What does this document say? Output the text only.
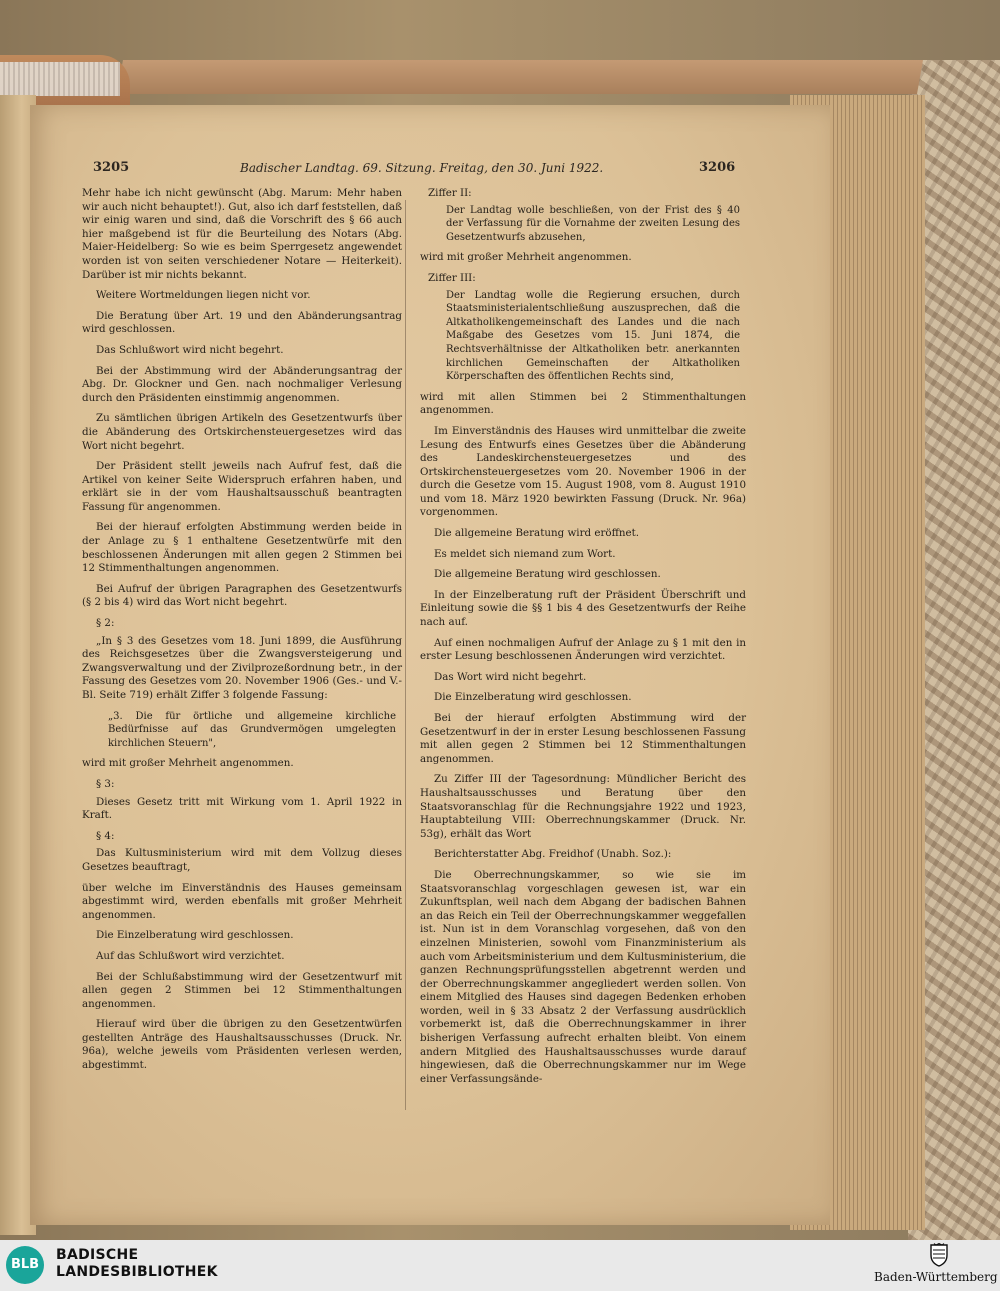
3205	Badischer Landtag. 69. Sitzung. Freitag, den 30. Juni 1922.	3206

Mehr habe ich nicht gewünscht (Abg. Marum: Mehr haben wir auch nicht behauptet!). Gut, also ich darf feststellen, daß wir einig waren und sind, daß die Vorschrift des § 66 auch hier maßgebend ist für die Beurteilung des Notars (Abg. Maier-Heidelberg: So wie es beim Sperrgesetz angewendet worden ist von seiten verschiedener Notare — Heiterkeit). Darüber ist mir nichts bekannt.

Weitere Wortmeldungen liegen nicht vor.

Die Beratung über Art. 19 und den Abänderungsantrag wird geschlossen.

Das Schlußwort wird nicht begehrt.

Bei der Abstimmung wird der Abänderungsantrag der Abg. Dr. Glockner und Gen. nach nochmaliger Verlesung durch den Präsidenten einstimmig angenommen.

Zu sämtlichen übrigen Artikeln des Gesetzentwurfs über die Abänderung des Ortskirchensteuergesetzes wird das Wort nicht begehrt.

Der Präsident stellt jeweils nach Aufruf fest, daß die Artikel von keiner Seite Widerspruch erfahren haben, und erklärt sie in der vom Haushaltsausschuß beantragten Fassung für angenommen.

Bei der hierauf erfolgten Abstimmung werden beide in der Anlage zu § 1 enthaltene Gesetzentwürfe mit den beschlossenen Änderungen mit allen gegen 2 Stimmen bei 12 Stimmenthaltungen angenommen.

Bei Aufruf der übrigen Paragraphen des Gesetzentwurfs (§ 2 bis 4) wird das Wort nicht begehrt.

§ 2:

„In § 3 des Gesetzes vom 18. Juni 1899, die Ausführung des Reichsgesetzes über die Zwangsversteigerung und Zwangsverwaltung und der Zivilprozeßordnung betr., in der Fassung des Gesetzes vom 20. November 1906 (Ges.- und V.-Bl. Seite 719) erhält Ziffer 3 folgende Fassung:

„3. Die für örtliche und allgemeine kirchliche Bedürfnisse auf das Grundvermögen umgelegten kirchlichen Steuern",

wird mit großer Mehrheit angenommen.

§ 3:

Dieses Gesetz tritt mit Wirkung vom 1. April 1922 in Kraft.

§ 4:

Das Kultusministerium wird mit dem Vollzug dieses Gesetzes beauftragt,

über welche im Einverständnis des Hauses gemeinsam abgestimmt wird, werden ebenfalls mit großer Mehrheit angenommen.

Die Einzelberatung wird geschlossen.

Auf das Schlußwort wird verzichtet.

Bei der Schlußabstimmung wird der Gesetzentwurf mit allen gegen 2 Stimmen bei 12 Stimmenthaltungen angenommen.

Hierauf wird über die übrigen zu den Gesetzentwürfen gestellten Anträge des Haushaltsausschusses (Druck. Nr. 96a), welche jeweils vom Präsidenten verlesen werden, abgestimmt.

Ziffer II:

Der Landtag wolle beschließen, von der Frist des § 40 der Verfassung für die Vornahme der zweiten Lesung des Gesetzentwurfs abzusehen,

wird mit großer Mehrheit angenommen.

Ziffer III:

Der Landtag wolle die Regierung ersuchen, durch Staatsministerialentschließung auszusprechen, daß die Altkatholikengemeinschaft des Landes und die nach Maßgabe des Gesetzes vom 15. Juni 1874, die Rechtsverhältnisse der Altkatholiken betr. anerkannten kirchlichen Gemeinschaften der Altkatholiken Körperschaften des öffentlichen Rechts sind,

wird mit allen Stimmen bei 2 Stimmenthaltungen angenommen.

Im Einverständnis des Hauses wird unmittelbar die zweite Lesung des Entwurfs eines Gesetzes über die Abänderung des Landeskirchensteuergesetzes und des Ortskirchensteuergesetzes vom 20. November 1906 in der durch die Gesetze vom 15. August 1908, vom 8. August 1910 und vom 18. März 1920 bewirkten Fassung (Druck. Nr. 96a) vorgenommen.

Die allgemeine Beratung wird eröffnet.

Es meldet sich niemand zum Wort.

Die allgemeine Beratung wird geschlossen.

In der Einzelberatung ruft der Präsident Überschrift und Einleitung sowie die §§ 1 bis 4 des Gesetzentwurfs der Reihe nach auf.

Auf einen nochmaligen Aufruf der Anlage zu § 1 mit den in erster Lesung beschlossenen Änderungen wird verzichtet.

Das Wort wird nicht begehrt.

Die Einzelberatung wird geschlossen.

Bei der hierauf erfolgten Abstimmung wird der Gesetzentwurf in der in erster Lesung beschlossenen Fassung mit allen gegen 2 Stimmen bei 12 Stimmenthaltungen angenommen.

Zu Ziffer III der Tagesordnung: Mündlicher Bericht des Haushaltsausschusses und Beratung über den Staatsvoranschlag für die Rechnungsjahre 1922 und 1923, Hauptabteilung VIII: Oberrechnungskammer (Druck. Nr. 53g), erhält das Wort

Berichterstatter Abg. Freidhof (Unabh. Soz.):

Die Oberrechnungskammer, so wie sie im Staatsvoranschlag vorgeschlagen gewesen ist, war ein Zukunftsplan, weil nach dem Abgang der badischen Bahnen an das Reich ein Teil der Oberrechnungskammer weggefallen ist. Nun ist in dem Voranschlag vorgesehen, daß von den einzelnen Ministerien, sowohl vom Finanzministerium als auch vom Arbeitsministerium und dem Kultusministerium, die ganzen Rechnungsprüfungsstellen abgetrennt werden und der Oberrechnungskammer angegliedert werden sollen. Von einem Mitglied des Hauses sind dagegen Bedenken erhoben worden, weil in § 33 Absatz 2 der Verfassung ausdrücklich vorbemerkt ist, daß die Oberrechnungskammer in ihrer bisherigen Verfassung aufrecht erhalten bleibt. Von einem andern Mitglied des Haushaltsausschusses wurde darauf hingewiesen, daß die Oberrechnungskammer nur im Wege einer Verfassungsände-

BLB
BADISCHE
LANDESBIBLIOTHEK	Baden-Württemberg
